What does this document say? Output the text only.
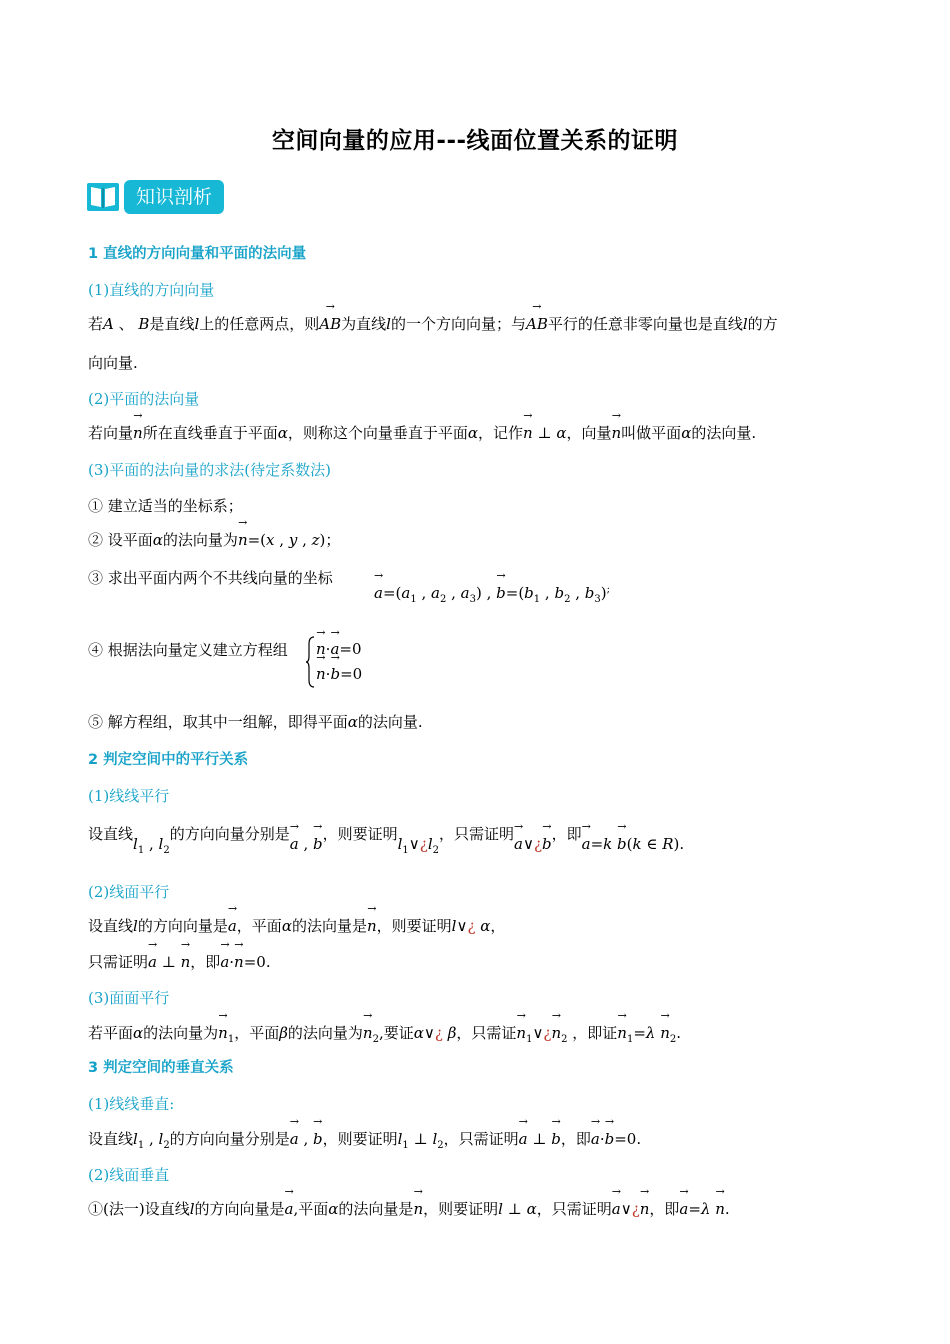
空间向量的应用---线面位置关系的证明
知识剖析
1 直线的方向向量和平面的法向量
(1)直线的方向向量
若A 、 B是直线l上的任意两点，则→ AB为直线l的一个方向向量；与→ AB平行的任意非零向量也是直线l的方
向向量.
(2)平面的法向量
若向量→ n所在直线垂直于平面α，则称这个向量垂直于平面α，记作→ n ⊥ α，向量→ n叫做平面α的法向量.
(3)平面的法向量的求法(待定系数法)
① 建立适当的坐标系；
② 设平面α的法向量为→ n=(x , y , z)；
③ 求出平面内两个不共线向量的坐标
→ $a=(a_1$ , $a_2$ , $a_3$) , → $b=(b_1$ , $b_2$ , $b_3)^;$
④ 根据法向量定义建立方程组 → n·→ a=0
→ n·→ b=0
⑤ 解方程组，取其中一组解，即得平面α的法向量.
2 判定空间中的平行关系
(1)线线平行
设直线$l_1$ , $l_2$的方向向量分别是→ a , → b，则要证明$l_1\vee¿l_2$，只需证明→ a∨¿→ b，即→ a=k → b(k ∈ R).
(2)线面平行
设直线l的方向向量是→ a，平面α的法向量是→ n，则要证明l∨¿ α，
只需证明→ a ⊥ → n，即→ a·→ n=0.
(3)面面平行
若平面α的法向量为→ $n_1$，平面β的法向量为→ $n_2$,要证α∨¿ β，只需证→ $n_1\vee¿\to n_2$ ，即证→ $n_1=\lambda \to n_2$.
3 判定空间的垂直关系
(1)线线垂直:
设直线$l_1$ , $l_2$的方向向量分别是→ a , → b，则要证明$l_1$ ⊥ $l_2$，只需证明→ a ⊥ → b，即→ a·→ b=0.
(2)线面垂直
①(法一)设直线l的方向向量是→ a,平面α的法向量是→ n，则要证明l ⊥ α，只需证明→ a∨¿→ n，即→ a=λ → n.
